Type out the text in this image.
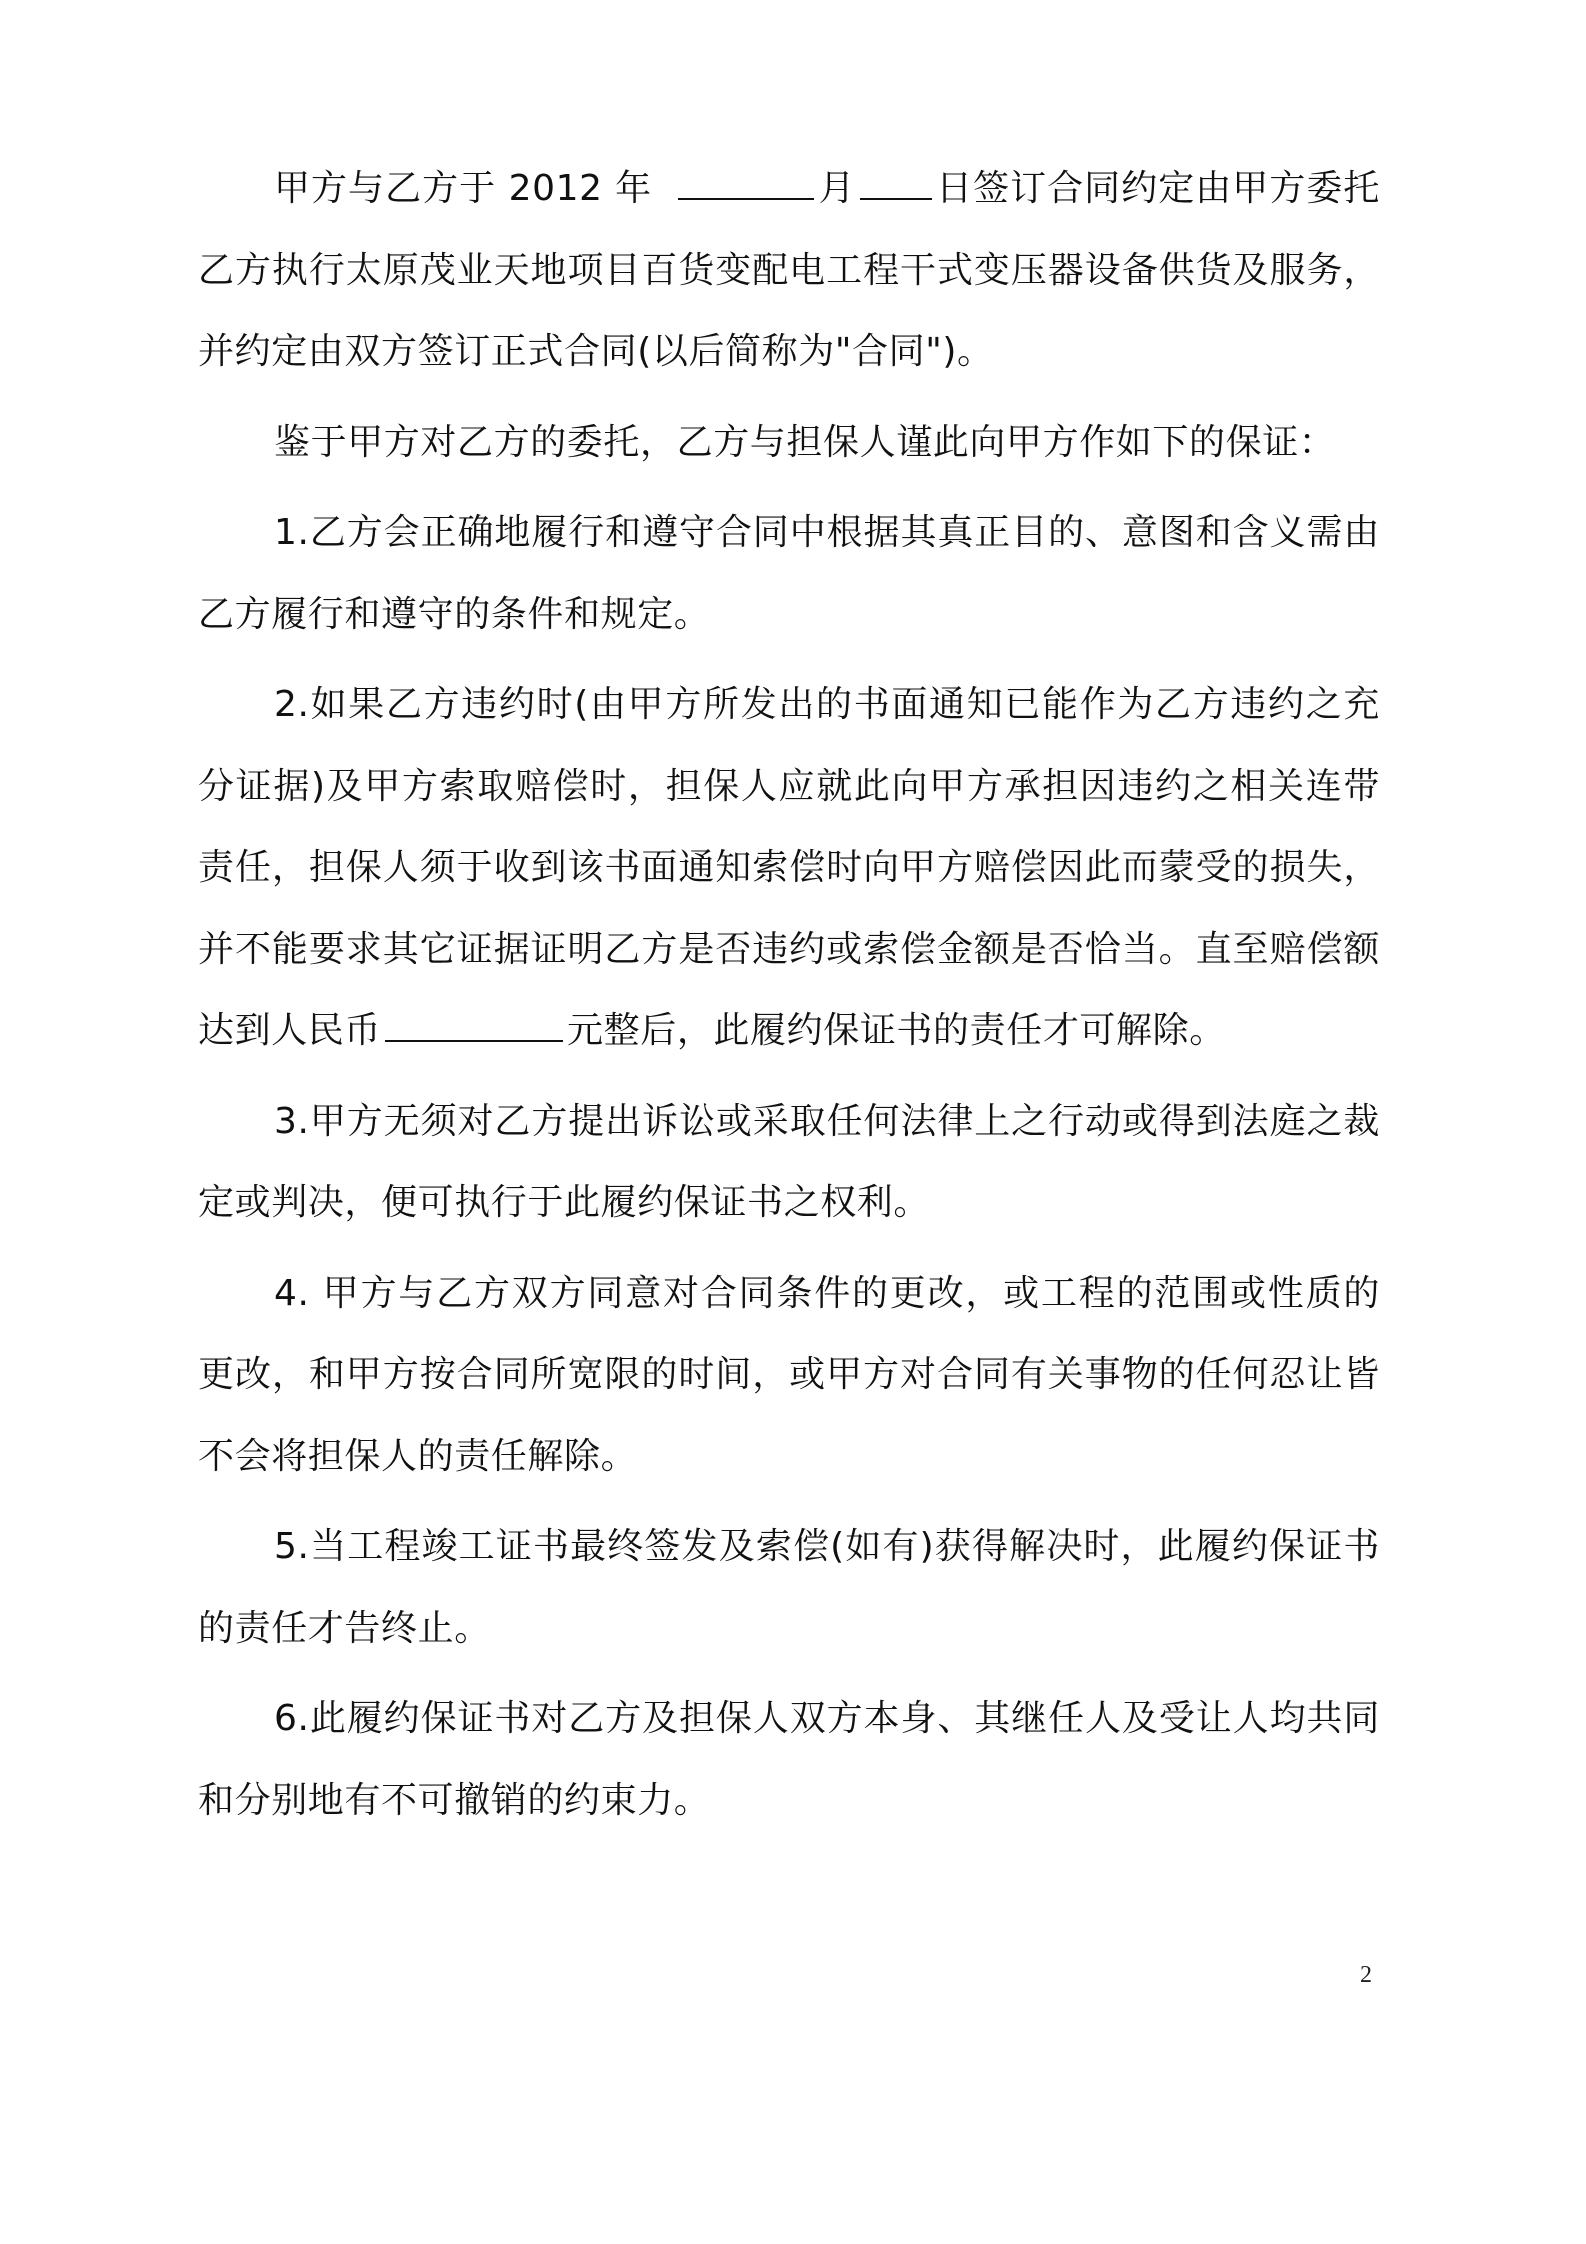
甲方与乙方于 2012 年	月 日签订合同约定由甲方委托乙方执行太原茂业天地项目百货变配电工程干式变压器设备供货及服务，并约定由双方签订正式合同(以后简称为"合同")。

鉴于甲方对乙方的委托，乙方与担保人谨此向甲方作如下的保证：

1.乙方会正确地履行和遵守合同中根据其真正目的、意图和含义需由乙方履行和遵守的条件和规定。

2.如果乙方违约时(由甲方所发出的书面通知已能作为乙方违约之充分证据)及甲方索取赔偿时，担保人应就此向甲方承担因违约之相关连带责任，担保人须于收到该书面通知索偿时向甲方赔偿因此而蒙受的损失，并不能要求其它证据证明乙方是否违约或索偿金额是否恰当。直至赔偿额达到人民币	元整后，此履约保证书的责任才可解除。

3.甲方无须对乙方提出诉讼或采取任何法律上之行动或得到法庭之裁定或判决，便可执行于此履约保证书之权利。

4. 甲方与乙方双方同意对合同条件的更改，或工程的范围或性质的更改，和甲方按合同所宽限的时间，或甲方对合同有关事物的任何忍让皆不会将担保人的责任解除。

5.当工程竣工证书最终签发及索偿(如有)获得解决时，此履约保证书的责任才告终止。

6.此履约保证书对乙方及担保人双方本身、其继任人及受让人均共同和分别地有不可撤销的约束力。

2
